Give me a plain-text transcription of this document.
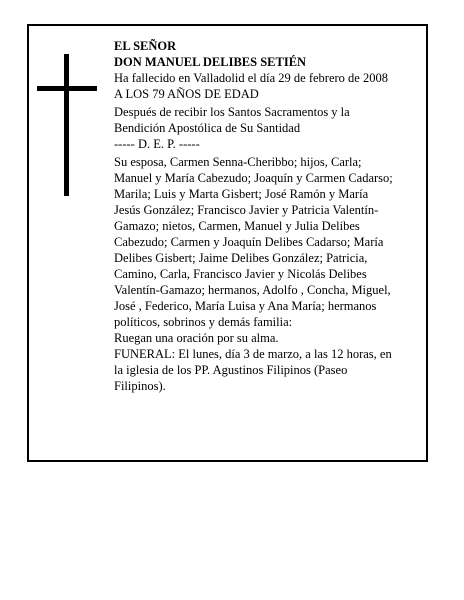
EL SEÑOR

DON MANUEL DELIBES SETIÉN

Ha fallecido en Valladolid el día 29 de febrero de 2008

A LOS 79 AÑOS DE EDAD

Después de recibir los Santos Sacramentos y la
Bendición Apostólica de Su Santidad

----- D. E. P. -----

Su esposa, Carmen Senna-Cheribbo; hijos, Carla;
Manuel y María Cabezudo; Joaquín y Carmen Cadarso;
Marila; Luis y Marta Gisbert; José Ramón y María
Jesús González; Francisco Javier y Patricia Valentín-
Gamazo; nietos, Carmen, Manuel y Julia Delibes
Cabezudo; Carmen y Joaquín Delibes Cadarso; María
Delibes Gisbert; Jaime Delibes González; Patricia,
Camino, Carla, Francisco Javier y Nicolás Delibes
Valentín-Gamazo; hermanos, Adolfo , Concha, Miguel,
José , Federico, María Luisa y Ana María; hermanos
políticos, sobrinos y demás familia:

Ruegan una oración por su alma.

FUNERAL: El lunes, día 3 de marzo, a las 12 horas, en
la iglesia de los PP. Agustinos Filipinos (Paseo
Filipinos).
